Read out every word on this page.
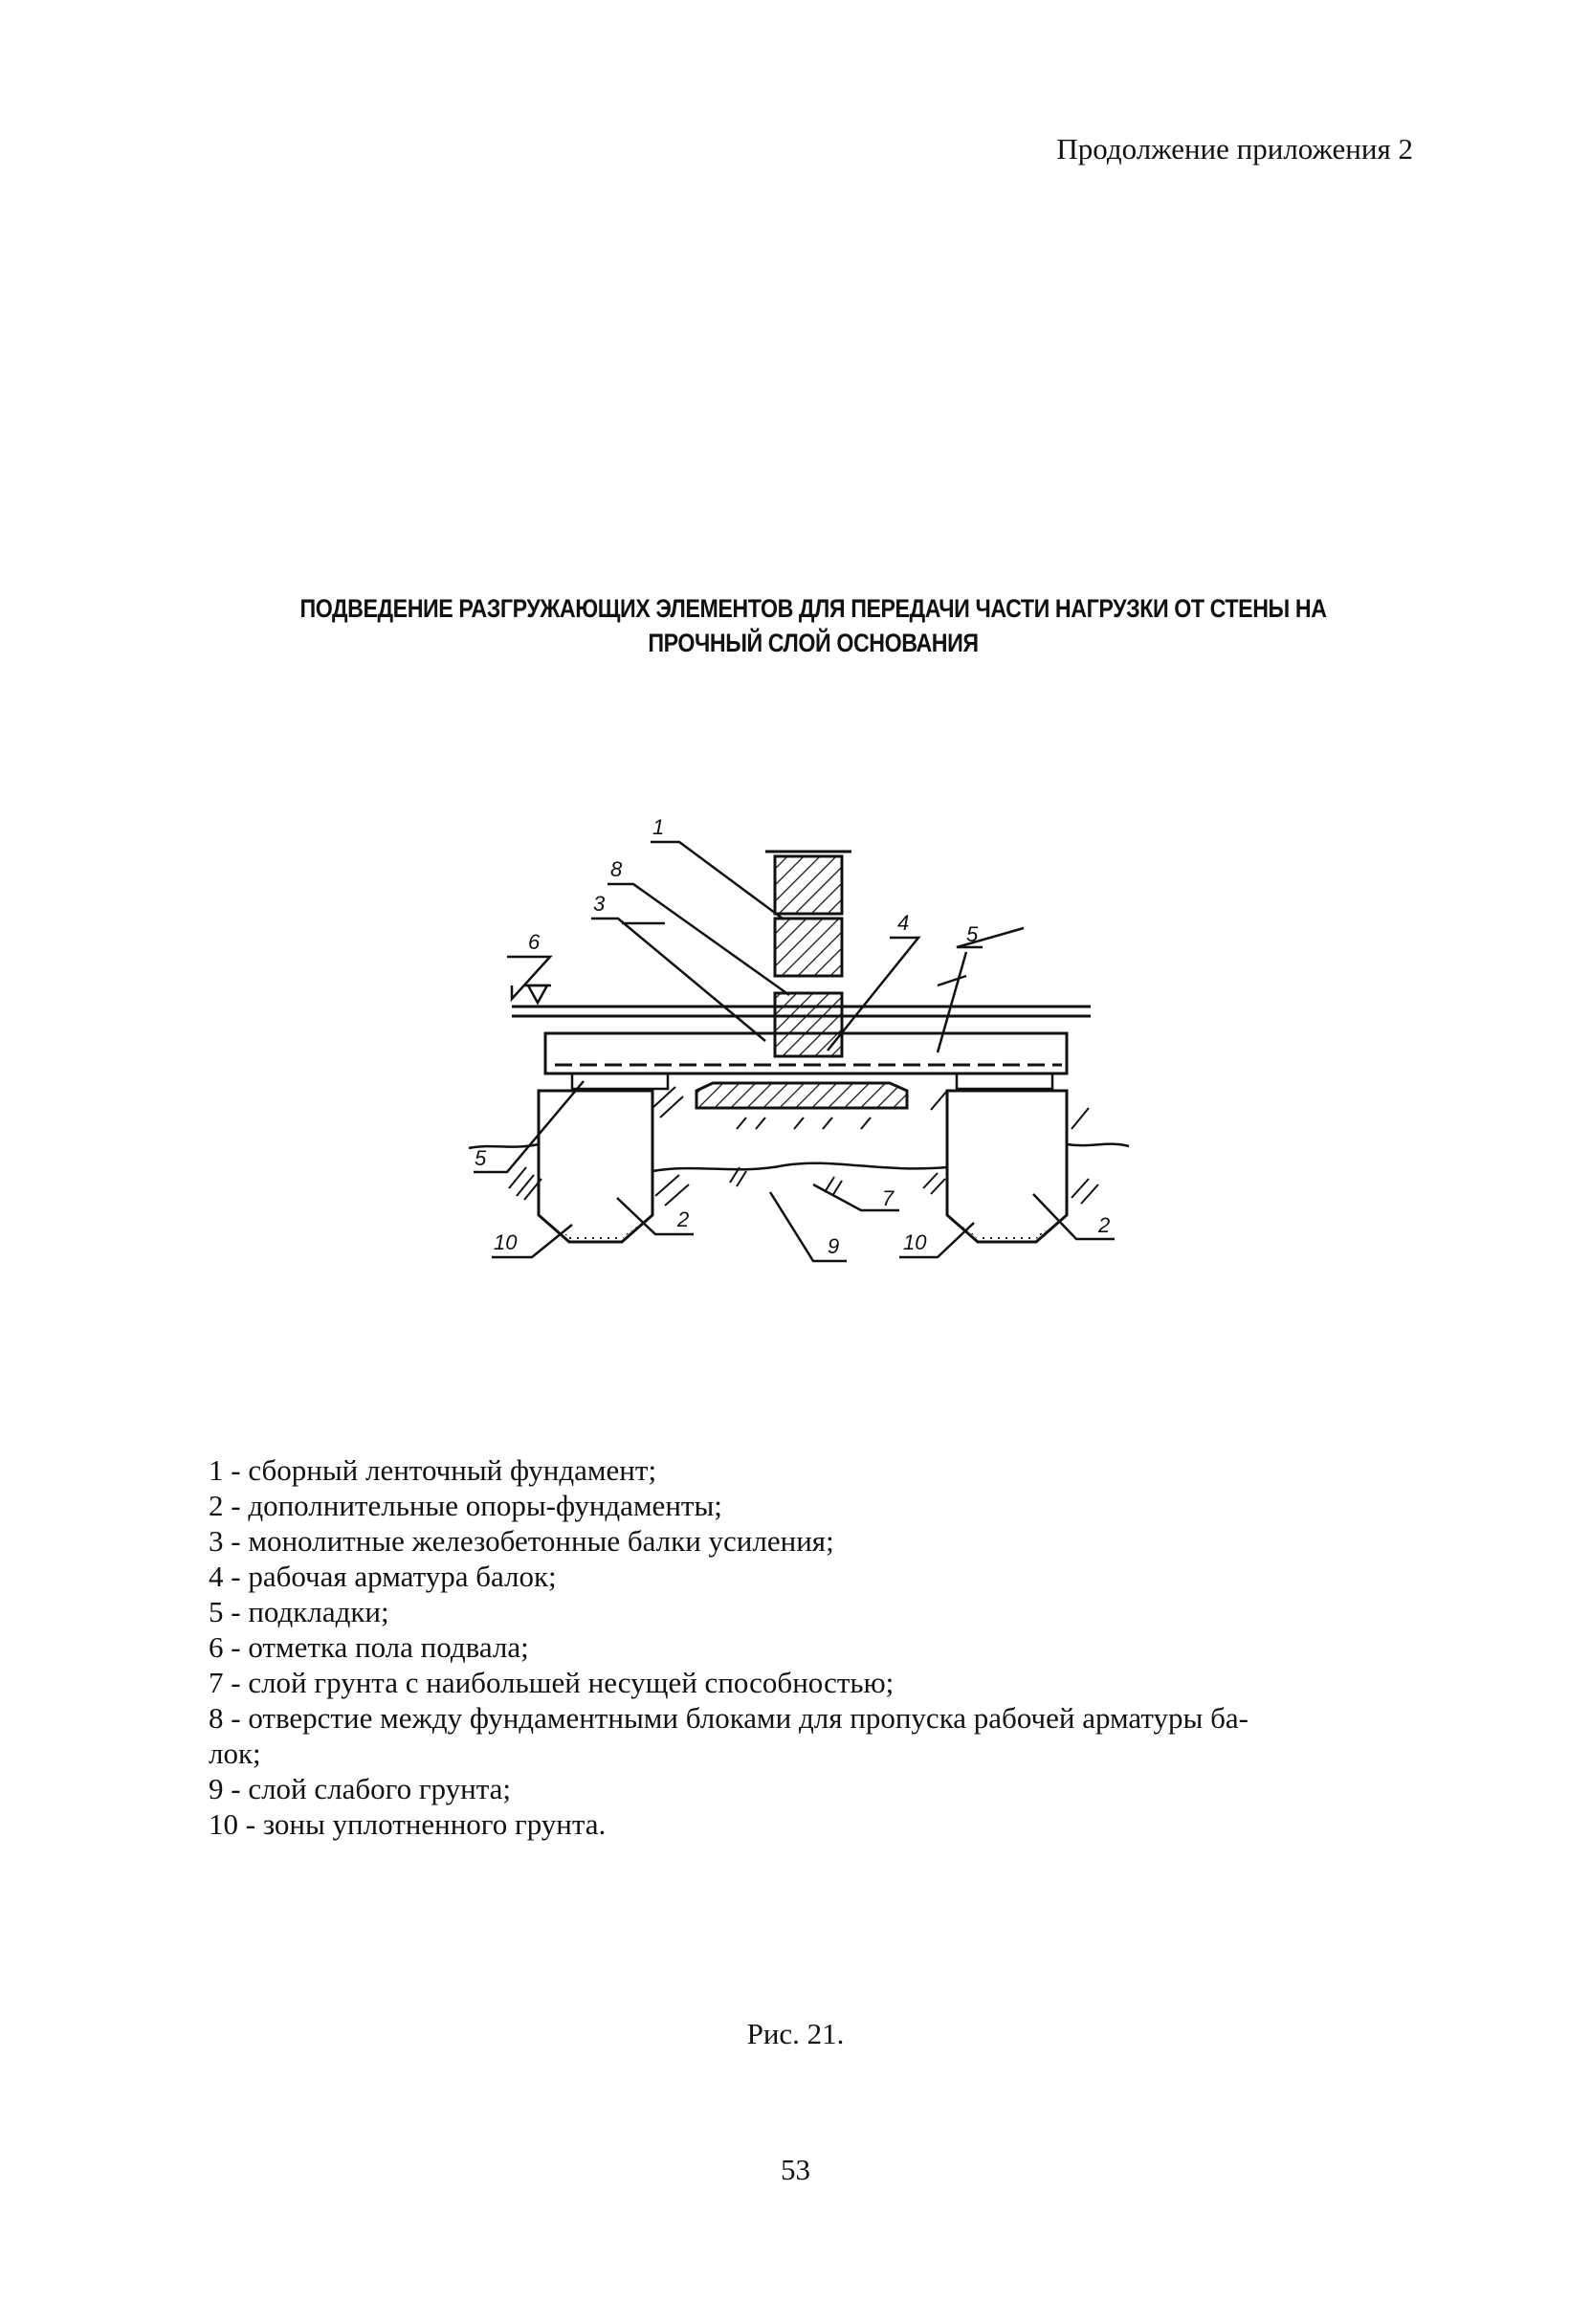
Продолжение приложения 2
ПОДВЕДЕНИЕ РАЗГРУЖАЮЩИХ ЭЛЕМЕНТОВ ДЛЯ ПЕРЕДАЧИ ЧАСТИ НАГРУЗКИ ОТ СТЕНЫ НА
ПРОЧНЫЙ СЛОЙ ОСНОВАНИЯ
1
8
3
6
4	5
5
7
9
2	2
10	10
1 - сборный ленточный фундамент;
2 - дополнительные опоры-фундаменты;
3 - монолитные железобетонные балки усиления;
4 - рабочая арматура балок;
5 - подкладки;
6 - отметка пола подвала;
7 - слой грунта с наибольшей несущей способностью;
8 - отверстие между фундаментными блоками для пропуска рабочей арматуры ба-
лок;
9 - слой слабого грунта;
10 - зоны уплотненного грунта.
Рис. 21.
53
